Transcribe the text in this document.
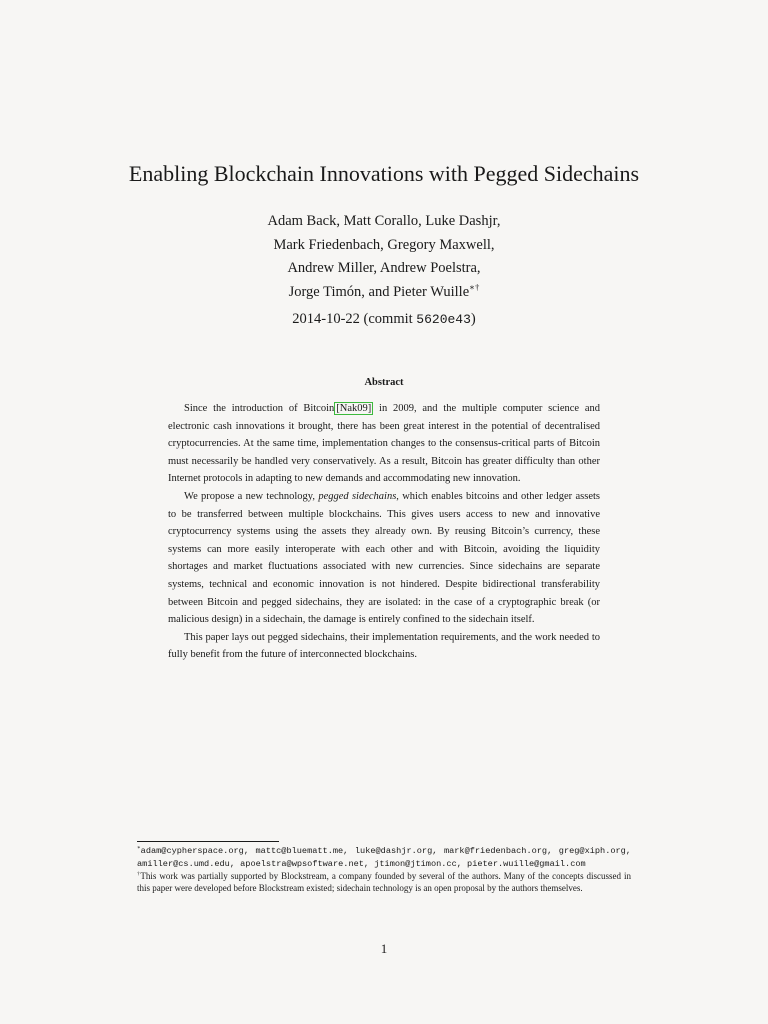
Enabling Blockchain Innovations with Pegged Sidechains
Adam Back, Matt Corallo, Luke Dashjr,
Mark Friedenbach, Gregory Maxwell,
Andrew Miller, Andrew Poelstra,
Jorge Timón, and Pieter Wuille∗†
2014-10-22 (commit 5620e43)
Abstract

Since the introduction of Bitcoin [Nak09] in 2009, and the multiple computer science and electronic cash innovations it brought, there has been great interest in the potential of decentralised cryptocurrencies. At the same time, implementation changes to the consensus-critical parts of Bitcoin must necessarily be handled very conservatively. As a result, Bitcoin has greater difficulty than other Internet protocols in adapting to new demands and accommodating new innovation.

We propose a new technology, pegged sidechains, which enables bitcoins and other ledger assets to be transferred between multiple blockchains. This gives users access to new and innovative cryptocurrency systems using the assets they already own. By reusing Bitcoin’s currency, these systems can more easily interoperate with each other and with Bitcoin, avoiding the liquidity shortages and market fluctuations associated with new currencies. Since sidechains are separate systems, technical and economic innovation is not hindered. Despite bidirectional transferability between Bitcoin and pegged sidechains, they are isolated: in the case of a cryptographic break (or malicious design) in a sidechain, the damage is entirely confined to the sidechain itself.

This paper lays out pegged sidechains, their implementation requirements, and the work needed to fully benefit from the future of interconnected blockchains.

∗adam@cypherspace.org, mattc@bluematt.me, luke@dashjr.org, mark@friedenbach.org, greg@xiph.org, amiller@cs.umd.edu, apoelstra@wpsoftware.net, jtimon@jtimon.cc, pieter.wuille@gmail.com

†This work was partially supported by Blockstream, a company founded by several of the authors. Many of the concepts discussed in this paper were developed before Blockstream existed; sidechain technology is an open proposal by the authors themselves.

1
